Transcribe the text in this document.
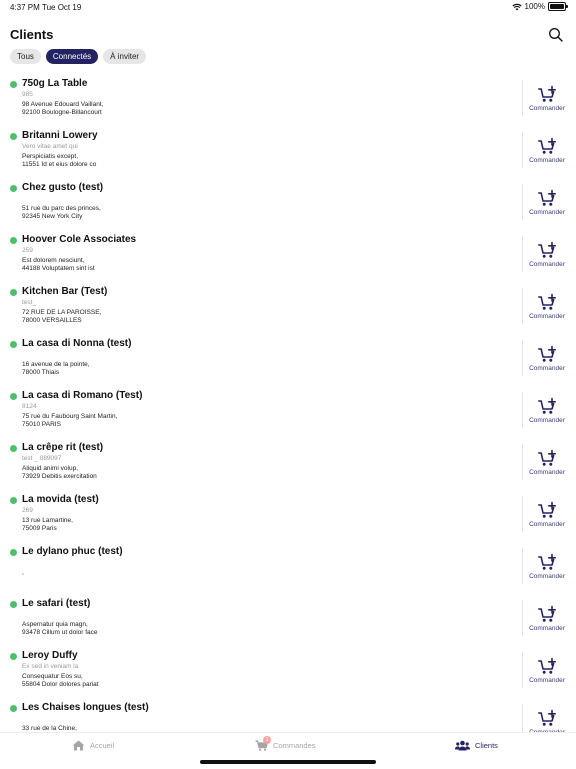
4:37 PM Tue Oct 19	100%
Clients
Tous	Connectés	À inviter
750g La Table
985
98 Avenue Edouard Vaillant,
92100 Boulogne-Billancourt
Commander
Britanni Lowery
Vero vitae amet qui
Perspiciatis except,
11551 Id et eius dolore co
Commander
Chez gusto (test)
51 rue du parc des princes,
92345 New York City
Commander
Hoover Cole Associates
259
Est dolorem nesciunt,
44188 Voluptatem sint ist
Commander
Kitchen Bar (Test)
test_
72 RUE DE LA PAROISSE,
78000 VERSAILLES
Commander
La casa di Nonna (test)
16 avenue de la pointe,
78000 Thiais
Commander
La casa di Romano (Test)
8124
75 rue du Faubourg Saint Martin,
75010 PARIS
Commander
La crêpe rit (test)
test _ 089097
Aliquid animi volup,
73929 Debitis exercitation
Commander
La movida (test)
269
13 rue Lamartine,
75009 Paris
Commander
Le dylano phuc (test)
,
Commander
Le safari (test)
Aspernatur quia magn,
93478 Cillum ut dolor face
Commander
Leroy Duffy
Ex sed in veniam la
Consequatur Eos su,
55804 Dolor dolores pariat
Commander
Les Chaises longues (test)
33 rue de la Chine,
Accueil
1
Commandes	Clients
